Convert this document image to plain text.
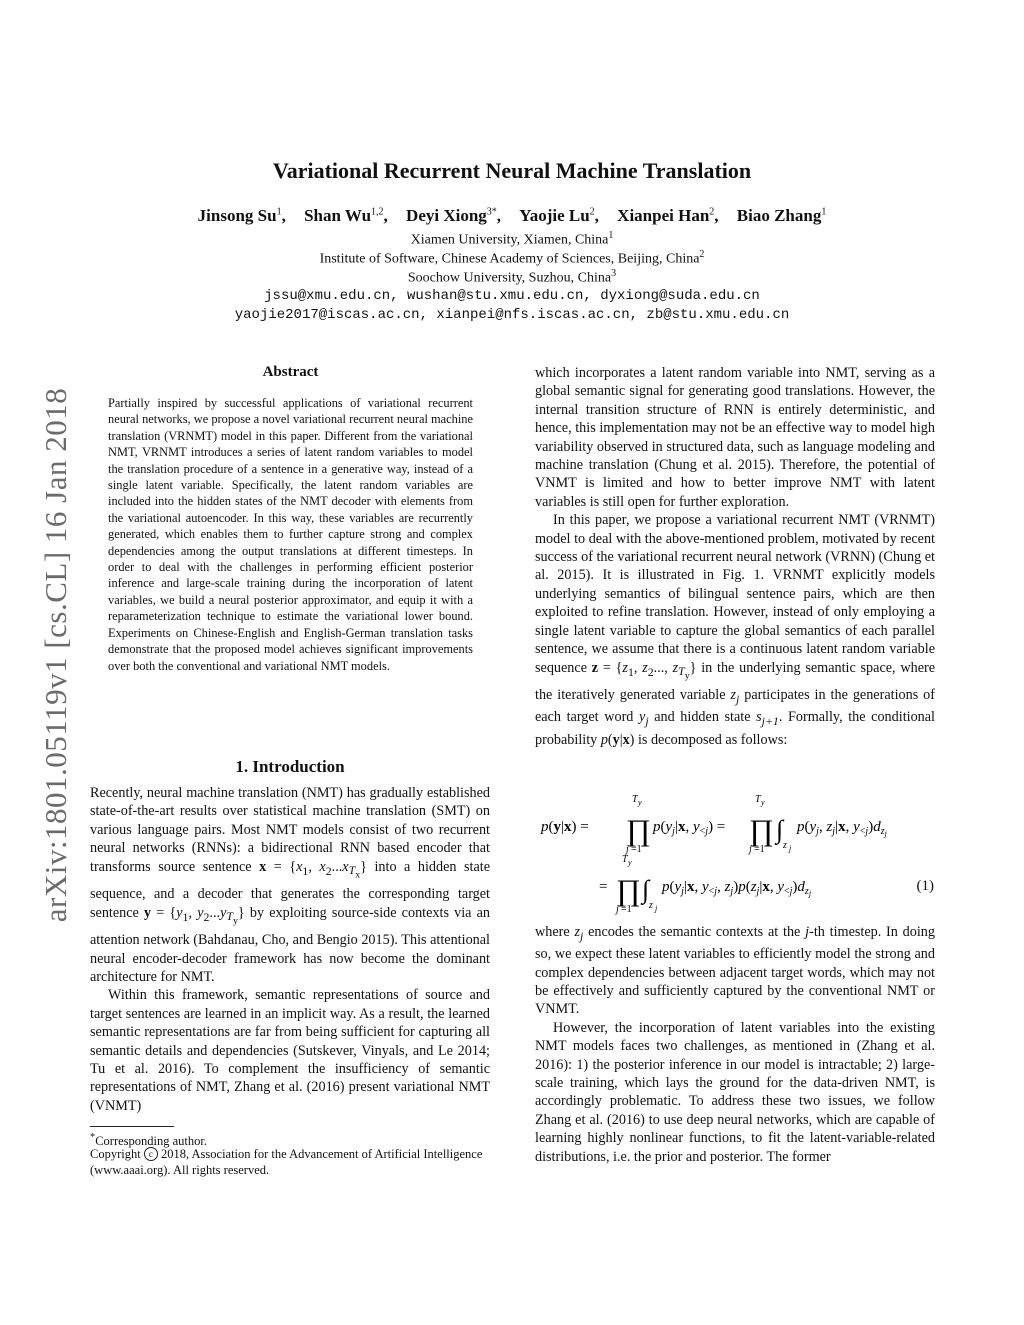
arXiv:1801.05119v1 [cs.CL] 16 Jan 2018
Variational Recurrent Neural Machine Translation
Jinsong Su$^1$, Shan Wu$^{1,2}$, Deyi Xiong$^{3*}$, Yaojie Lu$^2$, Xianpei Han$^2$, Biao Zhang$^1$
Xiamen University, Xiamen, China$^1$
Institute of Software, Chinese Academy of Sciences, Beijing, China$^2$
Soochow University, Suzhou, China$^3$
jssu@xmu.edu.cn, wushan@stu.xmu.edu.cn, dyxiong@suda.edu.cn
yaojie2017@iscas.ac.cn, xianpei@nfs.iscas.ac.cn, zb@stu.xmu.edu.cn
Abstract
Partially inspired by successful applications of variational recurrent neural networks, we propose a novel variational recurrent neural machine translation (VRNMT) model in this paper. Different from the variational NMT, VRNMT introduces a series of latent random variables to model the translation procedure of a sentence in a generative way, instead of a single latent variable. Specifically, the latent random variables are included into the hidden states of the NMT decoder with elements from the variational autoencoder. In this way, these variables are recurrently generated, which enables them to further capture strong and complex dependencies among the output translations at different timesteps. In order to deal with the challenges in performing efficient posterior inference and large-scale training during the incorporation of latent variables, we build a neural posterior approximator, and equip it with a reparameterization technique to estimate the variational lower bound. Experiments on Chinese-English and English-German translation tasks demonstrate that the proposed model achieves significant improvements over both the conventional and variational NMT models.
1. Introduction

Recently, neural machine translation (NMT) has gradually established state-of-the-art results over statistical machine translation (SMT) on various language pairs. Most NMT models consist of two recurrent neural networks (RNNs): a bidirectional RNN based encoder that transforms source sentence $x = \{x_1$, $x_2...x_{T_x}$} into a hidden state sequence, and a decoder that generates the corresponding target sentence $y = \{y_1$, $y_2...y_{T_y}$} by exploiting source-side contexts via an attention network (Bahdanau, Cho, and Bengio 2015). This attentional neural encoder-decoder framework has now become the dominant architecture for NMT.

Within this framework, semantic representations of source and target sentences are learned in an implicit way. As a result, the learned semantic representations are far from being sufficient for capturing all semantic details and dependencies (Sutskever, Vinyals, and Le 2014; Tu et al. 2016). To complement the insufficiency of semantic representations of NMT, Zhang et al. (2016) present variational NMT (VNMT)

*Corresponding author.
Copyright c 2018, Association for the Advancement of Artificial Intelligence (www.aaai.org). All rights reserved.

which incorporates a latent random variable into NMT, serving as a global semantic signal for generating good translations. However, the internal transition structure of RNN is entirely deterministic, and hence, this implementation may not be an effective way to model high variability observed in structured data, such as language modeling and machine translation (Chung et al. 2015). Therefore, the potential of VNMT is limited and how to better improve NMT with latent variables is still open for further exploration.

In this paper, we propose a variational recurrent NMT (VRNMT) model to deal with the above-mentioned problem, motivated by recent success of the variational recurrent neural network (VRNN) (Chung et al. 2015). It is illustrated in Fig. 1. VRNMT explicitly models underlying semantics of bilingual sentence pairs, which are then exploited to refine translation. However, instead of only employing a single latent variable to capture the global semantics of each parallel sentence, we assume that there is a continuous latent random variable sequence $z = \{z_1$, $z_2$..., $z_{T_y}$} in the underlying semantic space, where the iteratively generated variable $z_j$ participates in the generations of each target word $y_j$ and hidden state $s_{j+1}$. Formally, the conditional probability p(y|x) is decomposed as follows:

p(y|x) =
T y
∏
j =1
$p(y_j|x$, $y_{<j}$) =
T y
∏
j =1
∫
z j
$p(y_j$, $z_j|x$, $y_{<j})d_zj$
=
T y
∏
j =1
∫
z j
$p(y_j|x$, $y_{<j}$, $z_j)p(z_j|x$, $y_{<j})d_zj$	(1)

where $z_j$ encodes the semantic contexts at the j-th timestep. In doing so, we expect these latent variables to efficiently model the strong and complex dependencies between adjacent target words, which may not be effectively and sufficiently captured by the conventional NMT or VNMT.

However, the incorporation of latent variables into the existing NMT models faces two challenges, as mentioned in (Zhang et al. 2016): 1) the posterior inference in our model is intractable; 2) large-scale training, which lays the ground for the data-driven NMT, is accordingly problematic. To address these two issues, we follow Zhang et al. (2016) to use deep neural networks, which are capable of learning highly nonlinear functions, to fit the latent-variable-related distributions, i.e. the prior and posterior. The former
